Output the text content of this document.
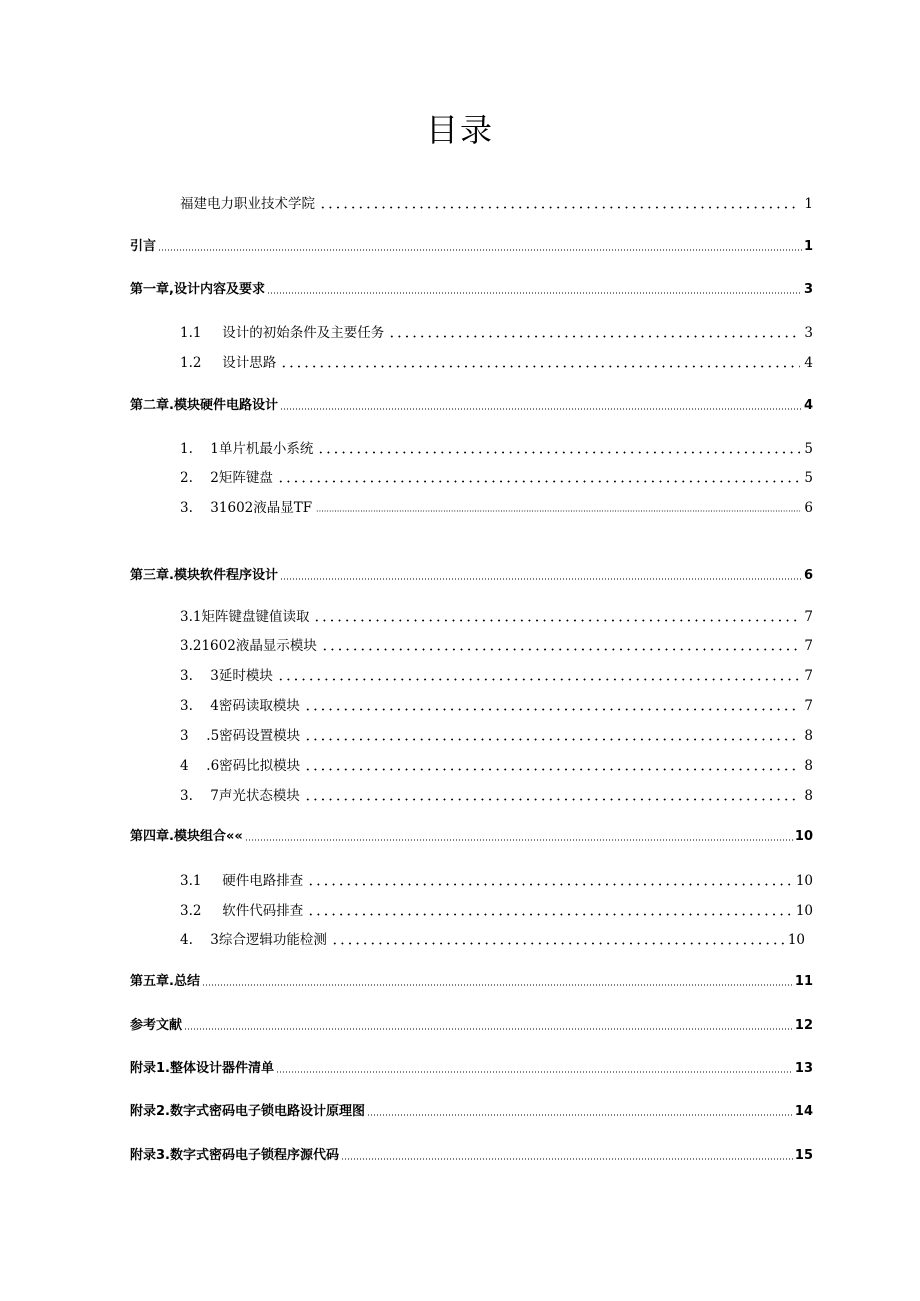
目录
福建电力职业技术学院	1
引言	1
第一章,设计内容及要求	3
1.1 设计的初始条件及主要任务	3
1.2 设计思路	4
第二章.模块硬件电路设计	4
1. 1单片机最小系统	5
2. 2矩阵键盘	5
3. 31602液晶显TF	6
第三章.模块软件程序设计	6
3.1矩阵键盘键值读取	7
3.21602液晶显示模块	7
3. 3延时模块	7
3. 4密码读取模块	7
3 .5密码设置模块	8
4 .6密码比拟模块	8
3. 7声光状态模块	8
第四章.模块组合««	10
3.1 硬件电路排查	10
3.2 软件代码排查	10
4. 3综合逻辑功能检测	10
第五章.总结	11
参考文献	12
附录1.整体设计器件清单	13
附录2.数字式密码电子锁电路设计原理图	14
附录3.数字式密码电子锁程序源代码	15
